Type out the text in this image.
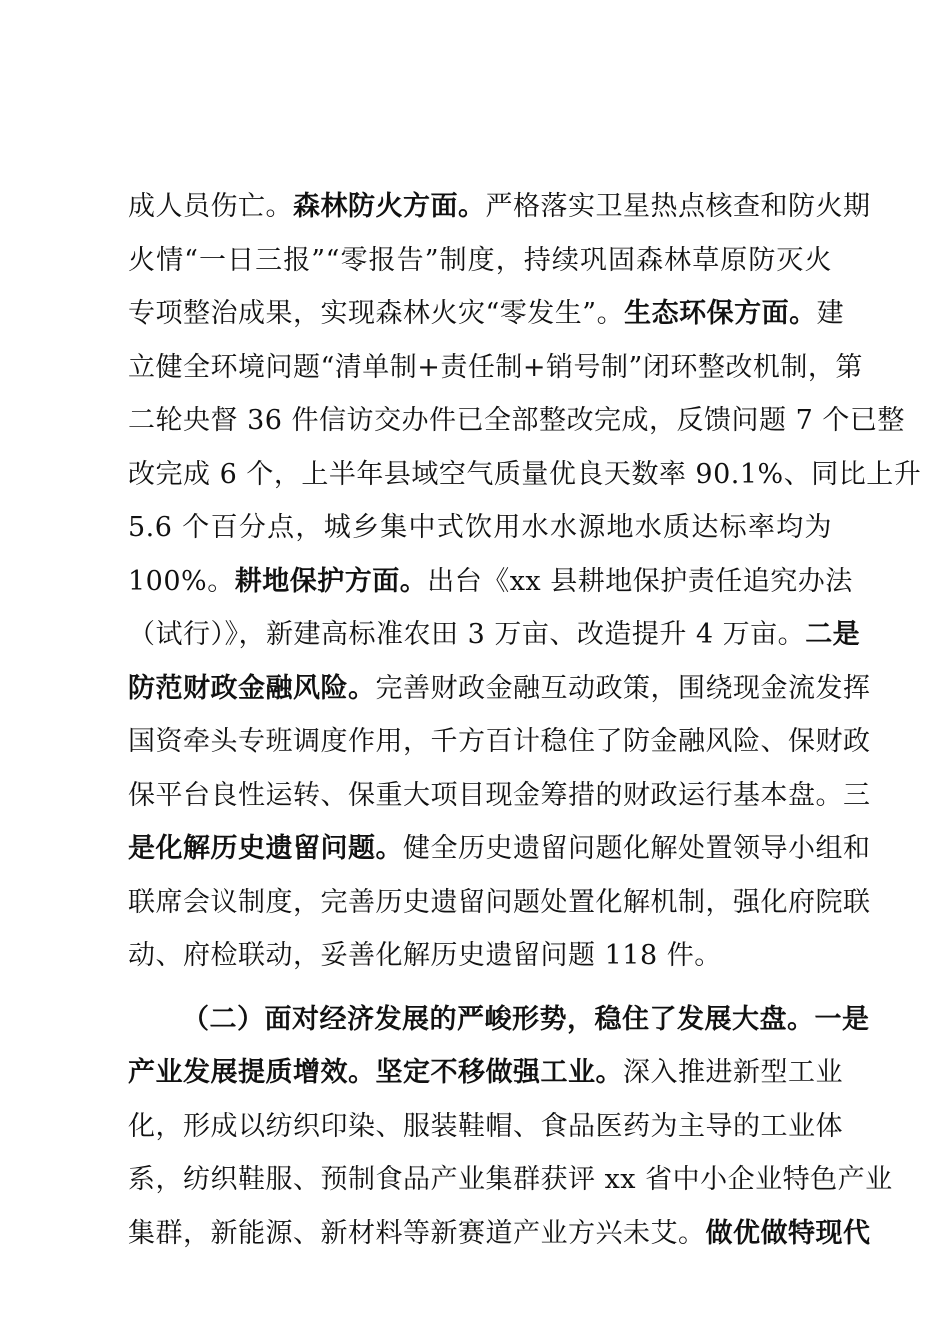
成人员伤亡。森林防火方面。严格落实卫星热点核查和防火期
火情“一日三报”“零报告”制度，持续巩固森林草原防灭火
专项整治成果，实现森林火灾“零发生”。生态环保方面。建
立健全环境问题“清单制+责任制+销号制”闭环整改机制，第
二轮央督 36 件信访交办件已全部整改完成，反馈问题 7 个已整
改完成 6 个，上半年县域空气质量优良天数率 90.1%、同比上升
5.6 个百分点，城乡集中式饮用水水源地水质达标率均为
100%。耕地保护方面。出台《xx 县耕地保护责任追究办法
（试行）》，新建高标准农田 3 万亩、改造提升 4 万亩。二是
防范财政金融风险。完善财政金融互动政策，围绕现金流发挥
国资牵头专班调度作用，千方百计稳住了防金融风险、保财政
保平台良性运转、保重大项目现金筹措的财政运行基本盘。三
是化解历史遗留问题。健全历史遗留问题化解处置领导小组和
联席会议制度，完善历史遗留问题处置化解机制，强化府院联
动、府检联动，妥善化解历史遗留问题 118 件。
（二）面对经济发展的严峻形势，稳住了发展大盘。一是
产业发展提质增效。坚定不移做强工业。深入推进新型工业
化，形成以纺织印染、服装鞋帽、食品医药为主导的工业体
系，纺织鞋服、预制食品产业集群获评 xx 省中小企业特色产业
集群，新能源、新材料等新赛道产业方兴未艾。做优做特现代
